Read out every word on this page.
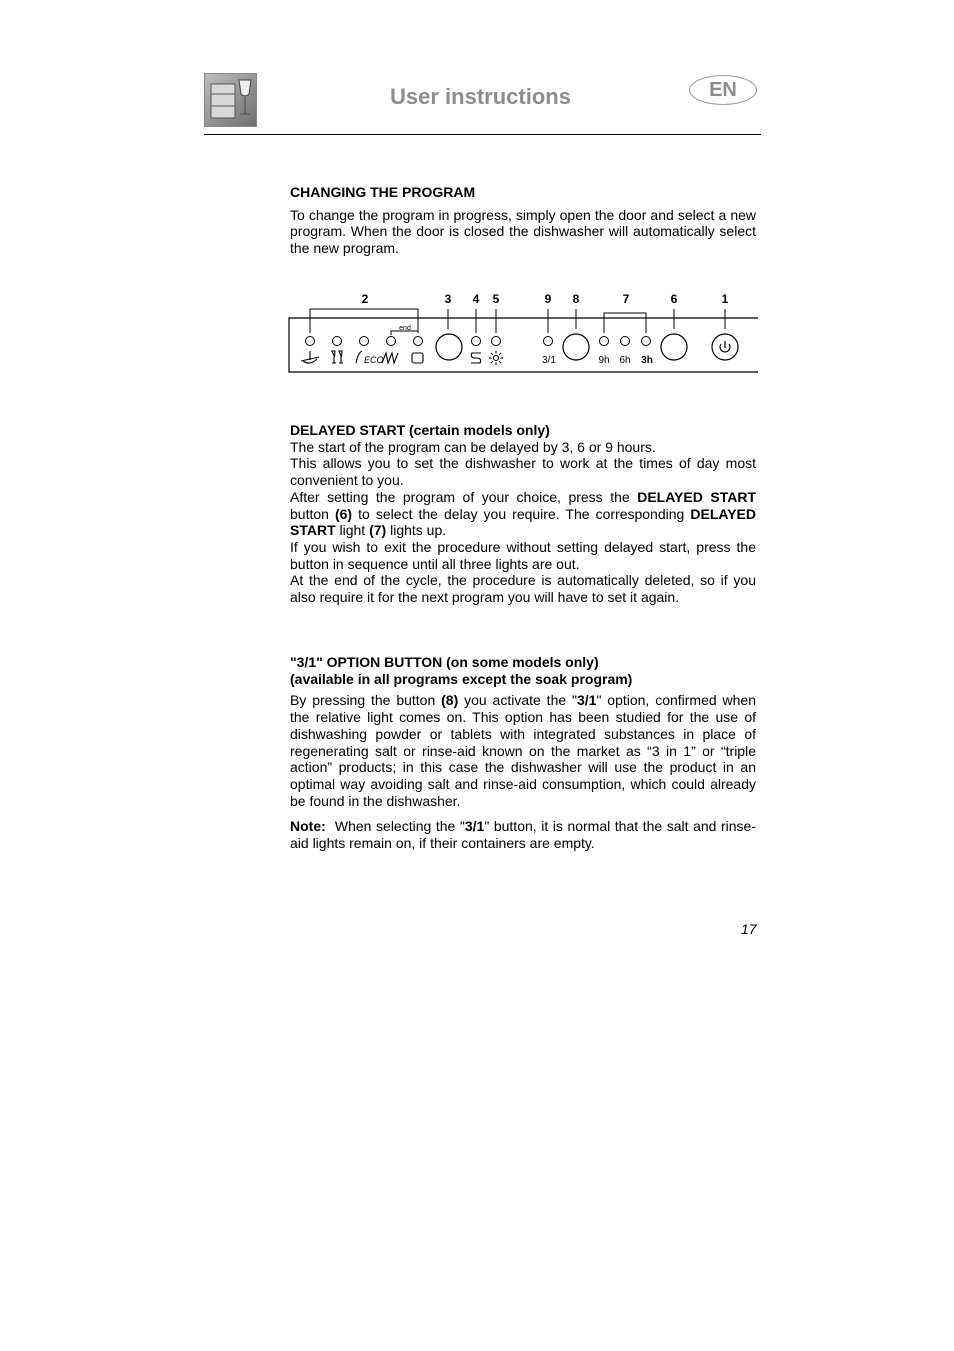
User instructions	EN
CHANGING THE PROGRAM

To change the program in progress, simply open the door and select a new program. When the door is closed the dishwasher will automatically select the new program.

2	3 4 5	9 8	7	6	1
end
ECO	3/1	9h 6h 3h
DELAYED START (certain models only)

The start of the program can be delayed by 3, 6 or 9 hours.

This allows you to set the dishwasher to work at the times of day most convenient to you.

After setting the program of your choice, press the DELAYED START button (6) to select the delay you require. The corresponding DELAYED START light (7) lights up.

If you wish to exit the procedure without setting delayed start, press the button in sequence until all three lights are out.

At the end of the cycle, the procedure is automatically deleted, so if you also require it for the next program you will have to set it again.

"3/1" OPTION BUTTON (on some models only)
(available in all programs except the soak program)

By pressing the button (8) you activate the "3/1" option, confirmed when the relative light comes on. This option has been studied for the use of dishwashing powder or tablets with integrated substances in place of regenerating salt or rinse-aid known on the market as “3 in 1” or “triple action” products; in this case the dishwasher will use the product in an optimal way avoiding salt and rinse-aid consumption, which could already be found in the dishwasher.

Note:  When selecting the "3/1" button, it is normal that the salt and rinse-aid lights remain on, if their containers are empty.

17
